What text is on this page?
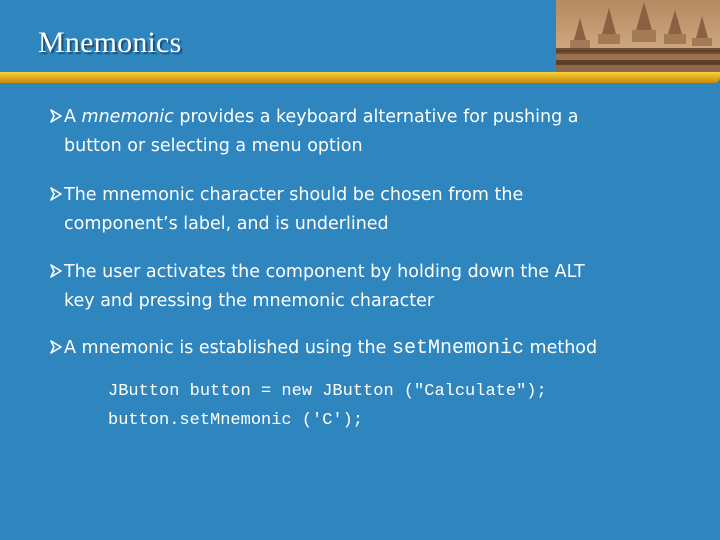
Mnemonics
A mnemonic provides a keyboard alternative for pushing a
button or selecting a menu option
The mnemonic character should be chosen from the
component’s label, and is underlined
The user activates the component by holding down the ALT
key and pressing the mnemonic character
A mnemonic is established using the setMnemonic method
JButton button = new JButton ("Calculate");
button.setMnemonic ('C');
